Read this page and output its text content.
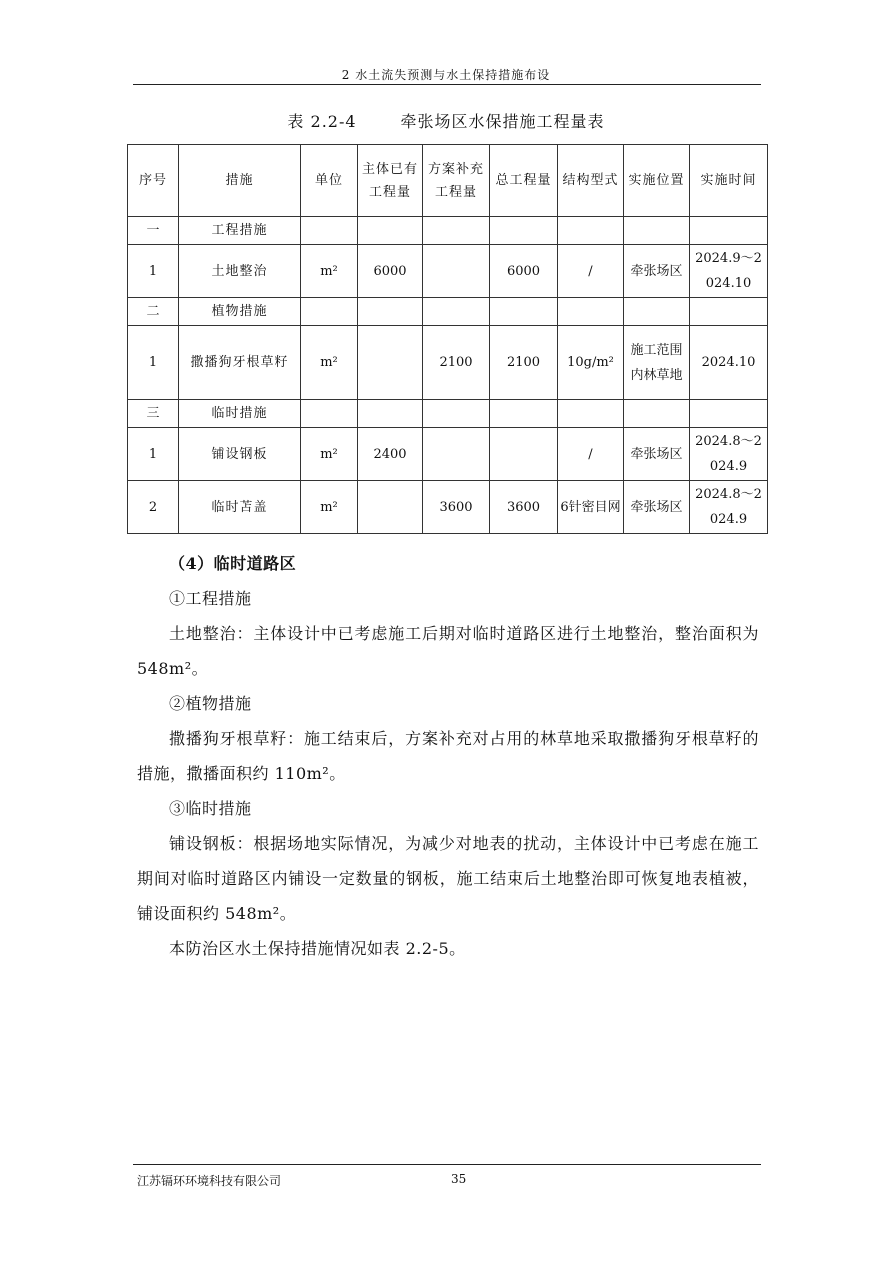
2 水土流失预测与水土保持措施布设
表 2.2-4	牵张场区水保措施工程量表
序号	措施	单位	主体已有工程量	方案补充工程量	总工程量	结构型式	实施位置	实施时间
一	工程措施							
1	土地整治	m²	6000		6000	/	牵张场区	2024.9～2024.10
二	植物措施							
1	撒播狗牙根草籽	m²		2100	2100	10g/m²	施工范围内林草地	2024.10
三	临时措施							
1	铺设钢板	m²	2400			/	牵张场区	2024.8～2024.9
2	临时苫盖	m²		3600	3600	6针密目网	牵张场区	2024.8～2024.9

（4）临时道路区

①工程措施

土地整治：主体设计中已考虑施工后期对临时道路区进行土地整治，整治面积为 548m²。

②植物措施

撒播狗牙根草籽：施工结束后，方案补充对占用的林草地采取撒播狗牙根草籽的措施，撒播面积约 110m²。

③临时措施

铺设钢板：根据场地实际情况，为减少对地表的扰动，主体设计中已考虑在施工期间对临时道路区内铺设一定数量的钢板，施工结束后土地整治即可恢复地表植被，铺设面积约 548m²。

本防治区水土保持措施情况如表 2.2-5。

江苏镉环环境科技有限公司	35
